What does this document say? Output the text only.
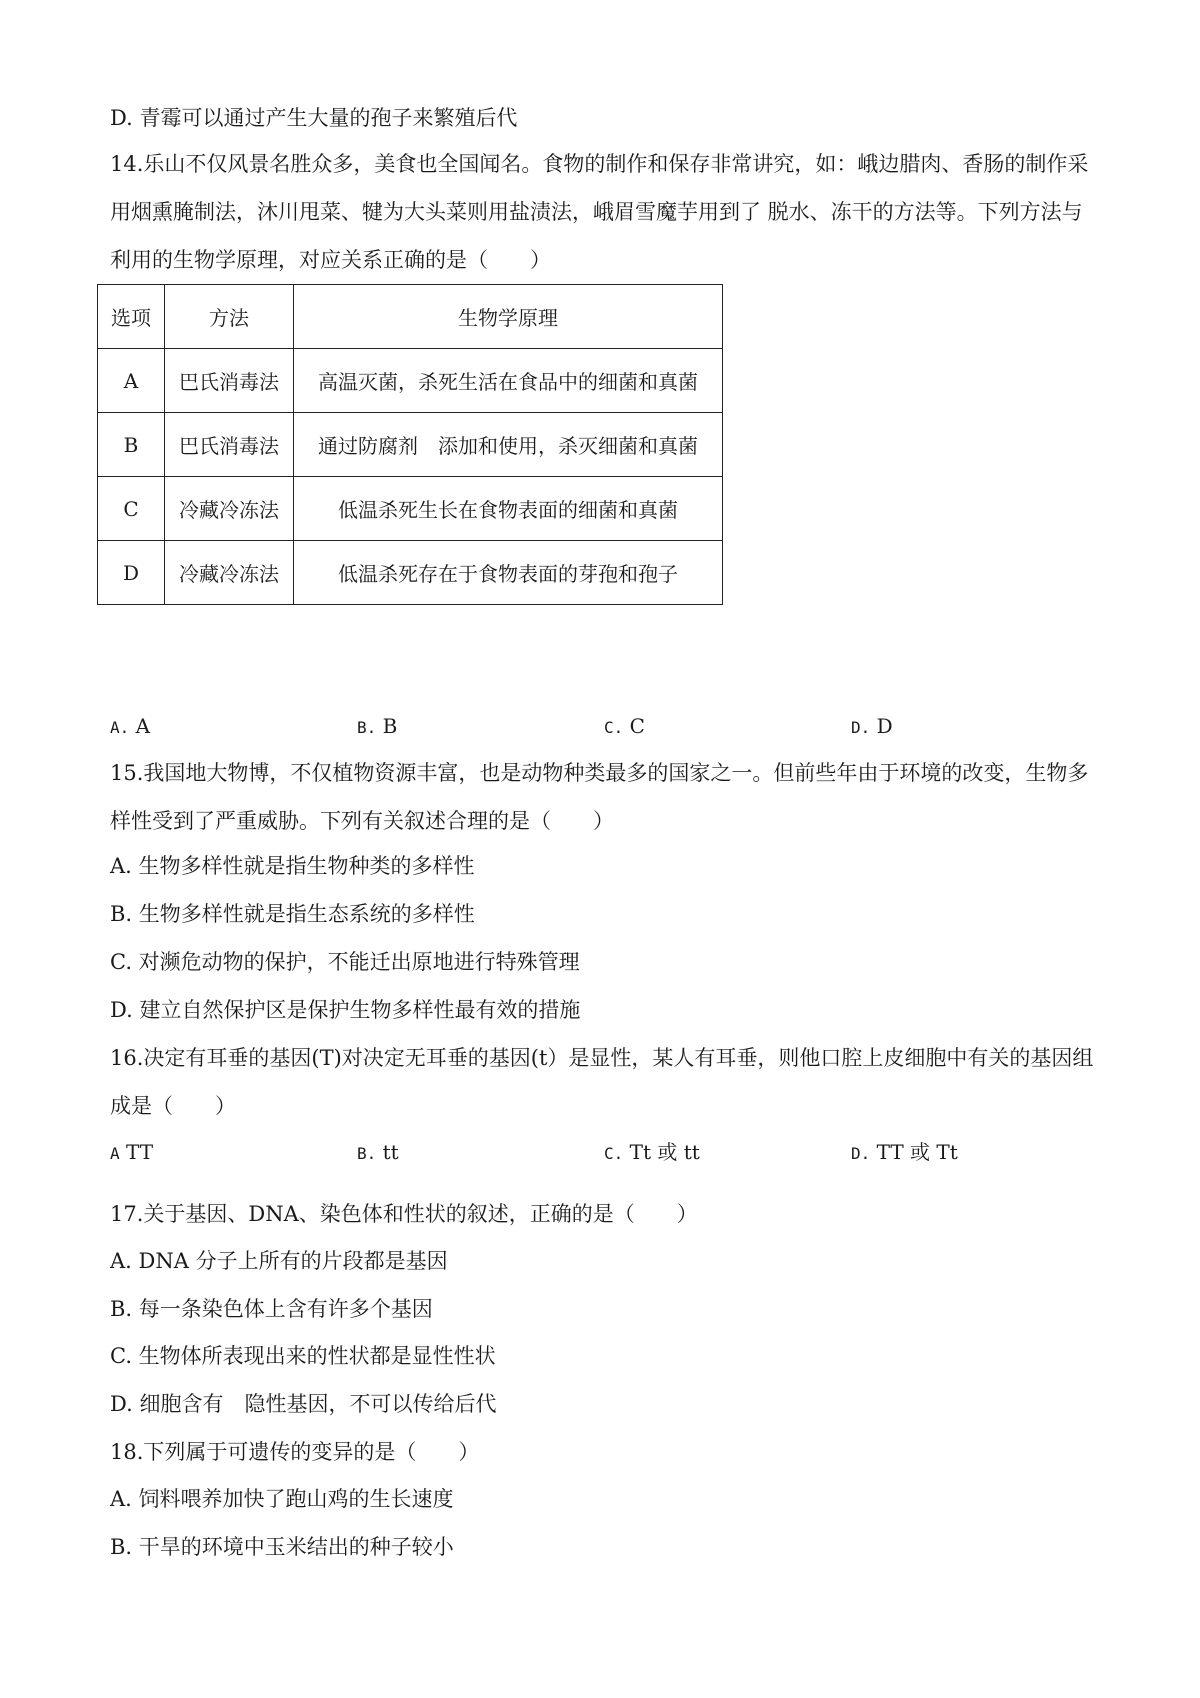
D. 青霉可以通过产生大量的孢子来繁殖后代
14.乐山不仅风景名胜众多，美食也全国闻名。食物的制作和保存非常讲究，如：峨边腊肉、香肠的制作采用烟熏腌制法，沐川甩菜、犍为大头菜则用盐渍法，峨眉雪魔芋用到了 脱水、冻干的方法等。下列方法与利用的生物学原理，对应关系正确的是（　　）
选项	方法	生物学原理
A	巴氏消毒法	高温灭菌，杀死生活在食品中的细菌和真菌
B	巴氏消毒法	通过防腐剂　添加和使用，杀灭细菌和真菌
C	冷藏冷冻法	低温杀死生长在食物表面的细菌和真菌
D	冷藏冷冻法	低温杀死存在于食物表面的芽孢和孢子
A. A	B. B	C. C	D. D
15.我国地大物博，不仅植物资源丰富，也是动物种类最多的国家之一。但前些年由于环境的改变，生物多样性受到了严重威胁。下列有关叙述合理的是（　　）
A. 生物多样性就是指生物种类的多样性
B. 生物多样性就是指生态系统的多样性
C. 对濒危动物的保护，不能迁出原地进行特殊管理
D. 建立自然保护区是保护生物多样性最有效的措施
16.决定有耳垂的基因(T)对决定无耳垂的基因(t）是显性，某人有耳垂，则他口腔上皮细胞中有关的基因组成是（　　）
A TT	B. tt	C. Tt 或 tt	D. TT 或 Tt
17.关于基因、DNA、染色体和性状的叙述，正确的是（　　）
A. DNA 分子上所有的片段都是基因
B. 每一条染色体上含有许多个基因
C. 生物体所表现出来的性状都是显性性状
D. 细胞含有　隐性基因，不可以传给后代
18.下列属于可遗传的变异的是（　　）
A. 饲料喂养加快了跑山鸡的生长速度
B. 干旱的环境中玉米结出的种子较小
